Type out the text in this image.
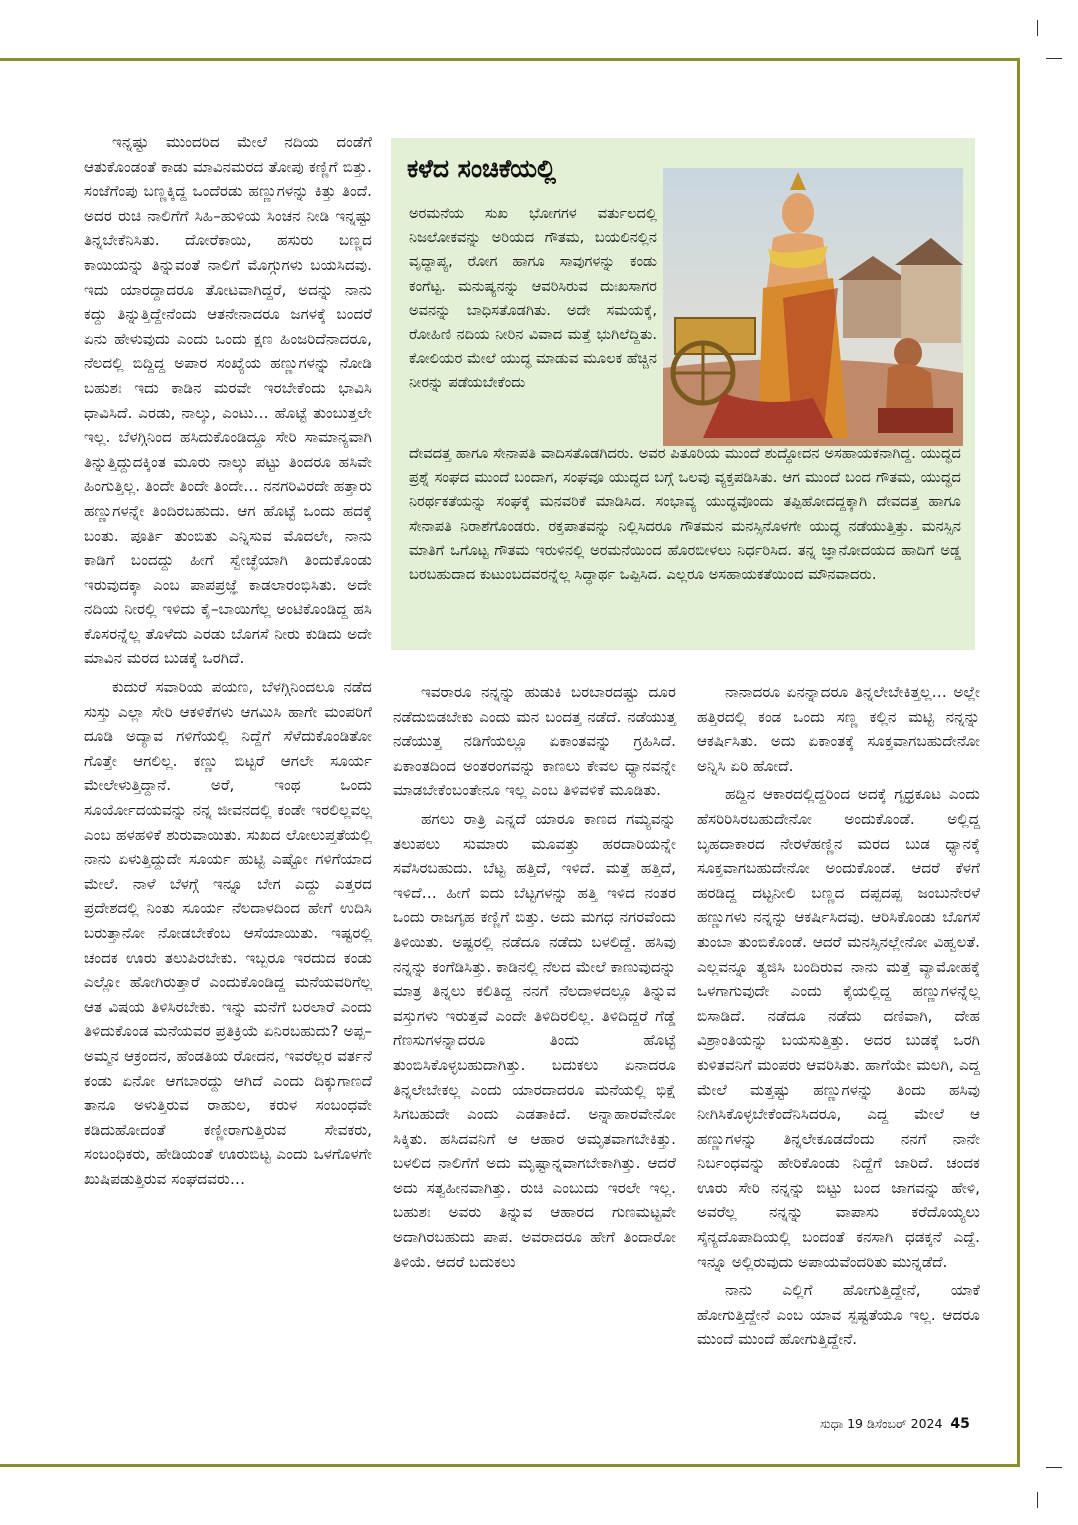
ಇನ್ನಷ್ಟು ಮುಂದರಿದ ಮೇಲೆ ನದಿಯ ದಂಡೆಗೆ ಆತುಕೊಂಡಂತೆ ಕಾಡು ಮಾವಿನಮರದ ತೋಪು ಕಣ್ಣಿಗೆ ಬಿತ್ತು. ಸಂಜೆಗೆಂಪು ಬಣ್ಣಕ್ಕಿದ್ದ ಒಂದೆರಡು ಹಣ್ಣುಗಳನ್ನು ಕಿತ್ತು ತಿಂದೆ. ಅದರ ರುಚಿ ನಾಲಿಗೆಗೆ ಸಿಹಿ–ಹುಳಿಯ ಸಿಂಚನ ನೀಡಿ ಇನ್ನಷ್ಟು ತಿನ್ನಬೇಕೆನಿಸಿತು. ದೋರೆಕಾಯಿ, ಹಸುರು ಬಣ್ಣದ ಕಾಯಿಯನ್ನು ತಿನ್ನುವಂತೆ ನಾಲಿಗೆ ಮೊಗ್ಗುಗಳು ಬಯಸಿದವು. ಇದು ಯಾರದ್ದಾದರೂ ತೋಟವಾಗಿದ್ದರೆ, ಅದನ್ನು ನಾನು ಕದ್ದು ತಿನ್ನುತ್ತಿದ್ದೇನೆಂದು ಆತನೇನಾದರೂ ಜಗಳಕ್ಕೆ ಬಂದರೆ ಏನು ಹೇಳುವುದು ಎಂದು ಒಂದು ಕ್ಷಣ ಹಿಂಜರಿದೆನಾದರೂ, ನೆಲದಲ್ಲಿ ಬಿದ್ದಿದ್ದ ಅಪಾರ ಸಂಖ್ಯೆಯ ಹಣ್ಣುಗಳನ್ನು ನೋಡಿ ಬಹುಶಃ ಇದು ಕಾಡಿನ ಮರವೇ ಇರಬೇಕೆಂದು ಭಾವಿಸಿ ಧಾವಿಸಿದೆ. ಎರಡು, ನಾಲ್ಕು, ಎಂಟು… ಹೊಟ್ಟೆ ತುಂಬುತ್ತಲೇ ಇಲ್ಲ. ಬೆಳಗ್ಗಿನಿಂದ ಹಸಿದುಕೊಂಡಿದ್ದೂ ಸೇರಿ ಸಾಮಾನ್ಯವಾಗಿ ತಿನ್ನುತ್ತಿದ್ದುದಕ್ಕಿಂತ ಮೂರು ನಾಲ್ಕು ಪಟ್ಟು ತಿಂದರೂ ಹಸಿವೇ ಹಿಂಗುತ್ತಿಲ್ಲ. ತಿಂದೇ ತಿಂದೇ ತಿಂದೇ… ನನಗರಿವಿರದೇ ಹತ್ತಾರು ಹಣ್ಣುಗಳನ್ನೇ ತಿಂದಿರಬಹುದು. ಆಗ ಹೊಟ್ಟೆ ಒಂದು ಹದಕ್ಕೆ ಬಂತು. ಪೂರ್ತಿ ತುಂಬಿತು ಎನ್ನಿಸುವ ಮೊದಲೇ, ನಾನು ಕಾಡಿಗೆ ಬಂದದ್ದು ಹೀಗೆ ಸ್ವೇಚ್ಛೆಯಾಗಿ ತಿಂದುಕೊಂಡು ಇರುವುದಕ್ಕಾ ಎಂಬ ಪಾಪಪ್ರಜ್ಞೆ ಕಾಡಲಾರಂಭಿಸಿತು. ಅದೇ ನದಿಯ ನೀರಲ್ಲಿ ಇಳಿದು ಕೈ–ಬಾಯಿಗೆಲ್ಲ ಅಂಟಿಕೊಂಡಿದ್ದ ಹಸಿ ಕೊಸರನ್ನೆಲ್ಲ ತೊಳೆದು ಎರಡು ಬೊಗಸೆ ನೀರು ಕುಡಿದು ಅದೇ ಮಾವಿನ ಮರದ ಬುಡಕ್ಕೆ ಒರಗಿದೆ.

ಕುದುರೆ ಸವಾರಿಯ ಪಯಣ, ಬೆಳಗ್ಗಿನಿಂದಲೂ ನಡೆದ ಸುಸ್ತು ಎಲ್ಲಾ ಸೇರಿ ಆಕಳಿಕೆಗಳು ಆಗಮಿಸಿ ಹಾಗೇ ಮಂಪರಿಗೆ ದೂಡಿ ಅದ್ಯಾವ ಗಳಿಗೆಯಲ್ಲಿ ನಿದ್ದೆಗೆ ಸೆಳೆದುಕೊಂಡಿತೋ ಗೊತ್ತೇ ಆಗಲಿಲ್ಲ. ಕಣ್ಣು ಬಿಟ್ಟರೆ ಆಗಲೇ ಸೂರ್ಯ ಮೇಲೇಳುತ್ತಿದ್ದಾನೆ. ಅರೆ, ಇಂಥ ಒಂದು ಸೂರ್ಯೋದಯವನ್ನು ನನ್ನ ಜೀವನದಲ್ಲಿ ಕಂಡೇ ಇರಲಿಲ್ಲವಲ್ಲ ಎಂಬ ಹಳಹಳಿಕೆ ಶುರುವಾಯಿತು. ಸುಖದ ಲೋಲುಪ್ತತೆಯಲ್ಲಿ ನಾನು ಏಳುತ್ತಿದ್ದುದೇ ಸೂರ್ಯ ಹುಟ್ಟಿ ಎಷ್ಟೋ ಗಳಿಗೆಯಾದ ಮೇಲೆ. ನಾಳೆ ಬೆಳಗ್ಗೆ ಇನ್ನೂ ಬೇಗ ಎದ್ದು ಎತ್ತರದ ಪ್ರದೇಶದಲ್ಲಿ ನಿಂತು ಸೂರ್ಯ ನೆಲದಾಳದಿಂದ ಹೇಗೆ ಉದಿಸಿ ಬರುತ್ತಾನೋ ನೋಡಬೇಕೆಂಬ ಆಸೆಯಾಯಿತು. ಇಷ್ಟರಲ್ಲಿ ಚಂದಕ ಊರು ತಲುಪಿರಬೇಕು. ಇಬ್ಬರೂ ಇರದುದ ಕಂಡು ಎಲ್ಲೋ ಹೋಗಿರುತ್ತಾರೆ ಎಂದುಕೊಂಡಿದ್ದ ಮನೆಯವರಿಗೆಲ್ಲ ಆತ ವಿಷಯ ತಿಳಿಸಿರಬೇಕು. ಇನ್ನು ಮನೆಗೆ ಬರಲಾರೆ ಎಂದು ತಿಳಿದುಕೊಂಡ ಮನೆಯವರ ಪ್ರತಿಕ್ರಿಯೆ ಏನಿರಬಹುದು? ಅಪ್ಪ–ಅಮ್ಮನ ಆಕ್ರಂದನ, ಹೆಂಡತಿಯ ರೋದನ, ಇವರೆಲ್ಲರ ವರ್ತನೆ ಕಂಡು ಏನೋ ಆಗಬಾರದ್ದು ಆಗಿದೆ ಎಂದು ದಿಕ್ಕುಗಾಣದೆ ತಾನೂ ಅಳುತ್ತಿರುವ ರಾಹುಲ, ಕರುಳ ಸಂಬಂಧವೇ ಕಡಿದುಹೋದಂತೆ ಕಣ್ಣೀರಾಗುತ್ತಿರುವ ಸೇವಕರು, ಸಂಬಂಧಿಕರು, ಹೇಡಿಯಂತೆ ಊರುಬಿಟ್ಟ ಎಂದು ಒಳಗೊಳಗೇ ಖುಷಿಪಡುತ್ತಿರುವ ಸಂಘದವರು…

ಕಳೆದ ಸಂಚಿಕೆಯಲ್ಲಿ
ಅರಮನೆಯ ಸುಖ ಭೋಗಗಳ ವರ್ತುಲದಲ್ಲಿ ನಿಜಲೋಕವನ್ನು ಅರಿಯದ ಗೌತಮ, ಬಯಲಿನಲ್ಲಿನ ವೃದ್ಧಾಪ್ಯ, ರೋಗ ಹಾಗೂ ಸಾವುಗಳನ್ನು ಕಂಡು ಕಂಗೆಟ್ಟ. ಮನುಷ್ಯನನ್ನು ಆವರಿಸಿರುವ ದುಃಖಸಾಗರ ಅವನನ್ನು ಬಾಧಿಸತೊಡಗಿತು. ಅದೇ ಸಮಯಕ್ಕೆ, ರೋಹಿಣಿ ನದಿಯ ನೀರಿನ ವಿವಾದ ಮತ್ತೆ ಭುಗಿಲೆದ್ದಿತು. ಕೋಲಿಯರ ಮೇಲೆ ಯುದ್ಧ ಮಾಡುವ ಮೂಲಕ ಹೆಚ್ಚಿನ ನೀರನ್ನು ಪಡೆಯಬೇಕೆಂದು
ದೇವದತ್ತ ಹಾಗೂ ಸೇನಾಪತಿ ವಾದಿಸತೊಡಗಿದರು. ಅವರ ಪಿತೂರಿಯ ಮುಂದೆ ಶುದ್ಧೋದನ ಅಸಹಾಯಕನಾಗಿದ್ದ. ಯುದ್ಧದ ಪ್ರಶ್ನೆ ಸಂಘದ ಮುಂದೆ ಬಂದಾಗ, ಸಂಘವೂ ಯುದ್ಧದ ಬಗ್ಗೆ ಒಲವು ವ್ಯಕ್ತಪಡಿಸಿತು. ಆಗ ಮುಂದೆ ಬಂದ ಗೌತಮ, ಯುದ್ಧದ ನಿರರ್ಥಕತೆಯನ್ನು ಸಂಘಕ್ಕೆ ಮನವರಿಕೆ ಮಾಡಿಸಿದ. ಸಂಭಾವ್ಯ ಯುದ್ಧವೊಂದು ತಪ್ಪಿಹೋದದ್ದಕ್ಕಾಗಿ ದೇವದತ್ತ ಹಾಗೂ ಸೇನಾಪತಿ ನಿರಾಶೆಗೊಂಡರು. ರಕ್ತಪಾತವನ್ನು ನಿಲ್ಲಿಸಿದರೂ ಗೌತಮನ ಮನಸ್ಸಿನೊಳಗೇ ಯುದ್ಧ ನಡೆಯುತ್ತಿತ್ತು. ಮನಸ್ಸಿನ ಮಾತಿಗೆ ಒಗೊಟ್ಟ ಗೌತಮ ಇರುಳಿನಲ್ಲಿ ಅರಮನೆಯಿಂದ ಹೊರಬೀಳಲು ನಿರ್ಧರಿಸಿದ. ತನ್ನ ಜ್ಞಾನೋದಯದ ಹಾದಿಗೆ ಅಡ್ಡ ಬರಬಹುದಾದ ಕುಟುಂಬದವರನ್ನೆಲ್ಲ ಸಿದ್ಧಾರ್ಥ ಒಪ್ಪಿಸಿದ. ಎಲ್ಲರೂ ಅಸಹಾಯಕತೆಯಿಂದ ಮೌನವಾದರು.

ಇವರಾರೂ ನನ್ನನ್ನು ಹುಡುಕಿ ಬರಬಾರದಷ್ಟು ದೂರ ನಡೆದುಬಿಡಬೇಕು ಎಂದು ಮನ ಬಂದತ್ತ ನಡೆದೆ. ನಡೆಯುತ್ತ ನಡೆಯುತ್ತ ನಡಿಗೆಯಲ್ಲೂ ಏಕಾಂತವನ್ನು ಗ್ರಹಿಸಿದೆ. ಏಕಾಂತದಿಂದ ಅಂತರಂಗವನ್ನು ಕಾಣಲು ಕೇವಲ ಧ್ಯಾನವನ್ನೇ ಮಾಡಬೇಕೆಂಬಂತೇನೂ ಇಲ್ಲ ಎಂಬ ತಿಳಿವಳಿಕೆ ಮೂಡಿತು.

ಹಗಲು ರಾತ್ರಿ ಎನ್ನದೆ ಯಾರೂ ಕಾಣದ ಗಮ್ಯವನ್ನು ತಲುಪಲು ಸುಮಾರು ಮೂವತ್ತು ಹರದಾರಿಯನ್ನೇ ಸವೆಸಿರಬಹುದು. ಬೆಟ್ಟ ಹತ್ತಿದೆ, ಇಳಿದೆ. ಮತ್ತೆ ಹತ್ತಿದೆ, ಇಳಿದೆ… ಹೀಗೆ ಐದು ಬೆಟ್ಟಗಳನ್ನು ಹತ್ತಿ ಇಳಿದ ನಂತರ ಒಂದು ರಾಜಗೃಹ ಕಣ್ಣಿಗೆ ಬಿತ್ತು. ಅದು ಮಗಧ ನಗರವೆಂದು ತಿಳಿಯಿತು. ಅಷ್ಟರಲ್ಲಿ ನಡೆದೂ ನಡೆದು ಬಳಲಿದ್ದೆ. ಹಸಿವು ನನ್ನನ್ನು ಕಂಗೆಡಿಸಿತ್ತು. ಕಾಡಿನಲ್ಲಿ ನೆಲದ ಮೇಲೆ ಕಾಣುವುದನ್ನು ಮಾತ್ರ ತಿನ್ನಲು ಕಲಿತಿದ್ದ ನನಗೆ ನೆಲದಾಳದಲ್ಲೂ ತಿನ್ನುವ ವಸ್ತುಗಳು ಇರುತ್ತವೆ ಎಂದೇ ತಿಳಿದಿರಲಿಲ್ಲ. ತಿಳಿದಿದ್ದರೆ ಗೆಡ್ಡೆ ಗೆಣಸುಗಳನ್ನಾದರೂ ತಿಂದು ಹೊಟ್ಟೆ ತುಂಬಿಸಿಕೊಳ್ಳಬಹುದಾಗಿತ್ತು. ಬದುಕಲು ಏನಾದರೂ ತಿನ್ನಲೇಬೇಕಲ್ಲ ಎಂದು ಯಾರದಾದರೂ ಮನೆಯಲ್ಲಿ ಭಿಕ್ಷೆ ಸಿಗಬಹುದೇ ಎಂದು ಎಡತಾಕಿದೆ. ಅನ್ನಾಹಾರವೇನೋ ಸಿಕ್ಕಿತು. ಹಸಿದವನಿಗೆ ಆ ಆಹಾರ ಅಮೃತವಾಗಬೇಕಿತ್ತು. ಬಳಲಿದ ನಾಲಿಗೆಗೆ ಅದು ಮೃಷ್ಟಾನ್ನವಾಗಬೇಕಾಗಿತ್ತು. ಆದರೆ ಅದು ಸತ್ವಹೀನವಾಗಿತ್ತು. ರುಚಿ ಎಂಬುದು ಇರಲೇ ಇಲ್ಲ. ಬಹುಶಃ ಅವರು ತಿನ್ನುವ ಆಹಾರದ ಗುಣಮಟ್ಟವೇ ಅದಾಗಿರಬಹುದು ಪಾಪ. ಅವರಾದರೂ ಹೇಗೆ ತಿಂದಾರೋ ತಿಳಿಯೆ. ಆದರೆ ಬದುಕಲು

ನಾನಾದರೂ ಏನನ್ನಾದರೂ ತಿನ್ನಲೇಬೇಕಿತ್ತಲ್ಲ… ಅಲ್ಲೇ ಹತ್ತಿರದಲ್ಲಿ ಕಂಡ ಒಂದು ಸಣ್ಣ ಕಲ್ಲಿನ ಮಟ್ಟಿ ನನ್ನನ್ನು ಆಕರ್ಷಿಸಿತು. ಅದು ಏಕಾಂತಕ್ಕೆ ಸೂಕ್ತವಾಗಬಹುದೇನೋ ಅನ್ನಿಸಿ ಏರಿ ಹೋದೆ.

ಹದ್ದಿನ ಆಕಾರದಲ್ಲಿದ್ದರಿಂದ ಅದಕ್ಕೆ ಗೃಧ್ರಕೂಟ ಎಂದು ಹೆಸರಿರಿಸಿರಬಹುದೇನೋ ಅಂದುಕೊಂಡೆ. ಅಲ್ಲಿದ್ದ ಬೃಹದಾಕಾರದ ನೇರಳೆಹಣ್ಣಿನ ಮರದ ಬುಡ ಧ್ಯಾನಕ್ಕೆ ಸೂಕ್ತವಾಗಬಹುದೇನೋ ಅಂದುಕೊಂಡೆ. ಆದರೆ ಕೆಳಗೆ ಹರಡಿದ್ದ ದಟ್ಟನೀಲಿ ಬಣ್ಣದ ದಪ್ಪದಪ್ಪ ಜಂಬುನೇರಳೆ ಹಣ್ಣುಗಳು ನನ್ನನ್ನು ಆಕರ್ಷಿಸಿದವು. ಆರಿಸಿಕೊಂಡು ಬೊಗಸೆ ತುಂಬಾ ತುಂಬಿಕೊಂಡೆ. ಆದರೆ ಮನಸ್ಸಿನಲ್ಲೇನೋ ವಿಹ್ವಲತೆ. ಎಲ್ಲವನ್ನೂ ತ್ಯಜಿಸಿ ಬಂದಿರುವ ನಾನು ಮತ್ತೆ ವ್ಯಾಮೋಹಕ್ಕೆ ಒಳಗಾಗುವುದೇ ಎಂದು ಕೈಯಲ್ಲಿದ್ದ ಹಣ್ಣುಗಳನ್ನೆಲ್ಲ ಬಿಸಾಡಿದೆ. ನಡೆದೂ ನಡೆದು ದಣಿವಾಗಿ, ದೇಹ ವಿಶ್ರಾಂತಿಯನ್ನು ಬಯಸುತ್ತಿತ್ತು. ಅದರ ಬುಡಕ್ಕೆ ಒರಗಿ ಕುಳಿತವನಿಗೆ ಮಂಪರು ಆವರಿಸಿತು. ಹಾಗೆಯೇ ಮಲಗಿ, ಎದ್ದ ಮೇಲೆ ಮತ್ತಷ್ಟು ಹಣ್ಣುಗಳನ್ನು ತಿಂದು ಹಸಿವು ನೀಗಿಸಿಕೊಳ್ಳಬೇಕೆಂದೆನಿಸಿದರೂ, ಎದ್ದ ಮೇಲೆ ಆ ಹಣ್ಣುಗಳನ್ನು ತಿನ್ನಲೇಕೂಡದೆಂದು ನನಗೆ ನಾನೇ ನಿರ್ಬಂಧವನ್ನು ಹೇರಿಕೊಂಡು ನಿದ್ದೆಗೆ ಜಾರಿದೆ. ಚಂದಕ ಊರು ಸೇರಿ ನನ್ನನ್ನು ಬಿಟ್ಟು ಬಂದ ಜಾಗವನ್ನು ಹೇಳಿ, ಅವರೆಲ್ಲ ನನ್ನನ್ನು ವಾಪಾಸು ಕರೆದೊಯ್ಯಲು ಸೈನ್ಯದೊಪಾದಿಯಲ್ಲಿ ಬಂದಂತೆ ಕನಸಾಗಿ ಧಡಕ್ಕನೆ ಎದ್ದೆ. ಇನ್ನೂ ಅಲ್ಲಿರುವುದು ಅಪಾಯವೆಂದರಿತು ಮುನ್ನಡೆದೆ.

ನಾನು ಎಲ್ಲಿಗೆ ಹೋಗುತ್ತಿದ್ದೇನೆ, ಯಾಕೆ ಹೋಗುತ್ತಿದ್ದೇನೆ ಎಂಬ ಯಾವ ಸ್ಪಷ್ಟತೆಯೂ ಇಲ್ಲ. ಆದರೂ ಮುಂದೆ ಮುಂದೆ ಹೋಗುತ್ತಿದ್ದೇನೆ.

ಸುಧಾ 19 ಡಿಸೆಂಬರ್ 2024 45
